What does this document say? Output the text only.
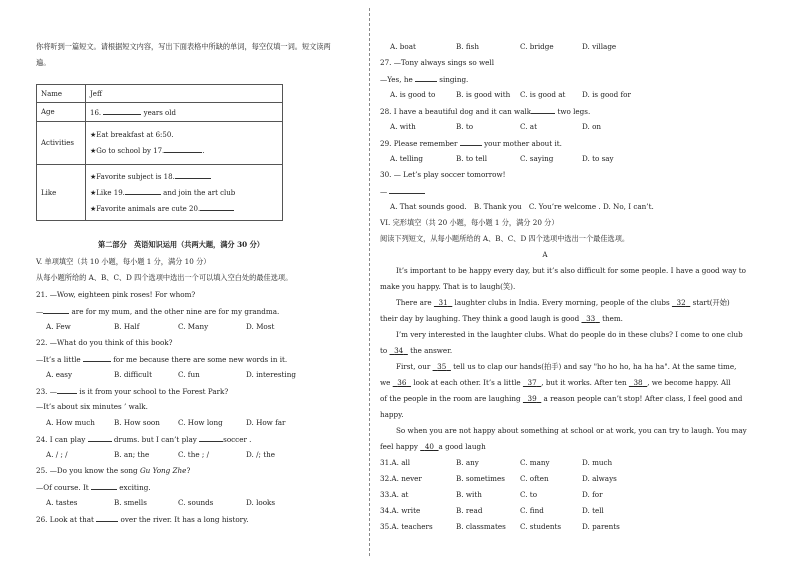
你将听到一篇短文。请根据短文内容，写出下面表格中所缺的单词，每空仅填一词。短文读两
遍。
Name	Jeff
Age	16. years old
Activities	★Eat breakfast at 6:50.
★Go to school by 17. .

Like	★Favorite subject is 18.
★Like 19. and join the art club
★Favorite animals are cute 20.
第二部分　英语知识运用（共两大题，满分 30 分）
V. 单项填空（共 10 小题，每小题 1 分，满分 10 分）
从每小题所给的 A、B、C、D 四个选项中选出一个可以填入空白处的最佳选项。
21. —Wow, eighteen pink roses! For whom?
—	are for my mum, and the other nine are for my grandma.
A. Few	B. Half	C. Many	D. Most
22. —What do you think of this book?
—It’s a little	for me because there are some new words in it.
A. easy	B. difficult	C. fun	D. interesting
23. —	is it from your school to the Forest Park?
—It’s about six minutes ’ walk.
A. How much	B. How soon	C. How long	D. How far
24. I can play	drums. but I can’t play	soccer .
A. / ; /	B. an; the	C. the ; /	D. /; the
25. —Do you know the song Gu Yong Zhe?
—Of course. It	exciting.
A. tastes	B. smells	C. sounds	D. looks
26. Look at that	over the river. It has a long history.
A. boat	B. fish	C. bridge	D. village
27. —Tony always sings so well
—Yes, he	singing.
A. is good to	B. is good with C. is good at D. is good for
28. I have a beautiful dog and it can walk	two legs.
A. with	B. to	C. at	D. on
29. Please remember	your mother about it.
A. telling	B. to tell	C. saying	D. to say
30. — Let’s play soccer tomorrow!
—
A. That sounds good.　B. Thank you　C. You’re welcome . D. No, I can’t.
VI. 完形填空（共 20 小题，每小题 1 分，满分 20 分）
阅读下列短文，从每小题所给的 A、B、C、D 四个选项中选出一个最佳选项。
A
It’s important to be happy every day, but it’s also difficult for some people. I have a good way to
make you happy. That is to laugh(笑).
There are 31 laughter clubs in India. Every morning, people of the clubs 32 start(开始)
their day by laughing. They think a good laugh is good 33 them.
I’m very interested in the laughter clubs. What do people do in these clubs? I come to one club
to 34 the answer.
First, our 35 tell us to clap our hands(拍手) and say "ho ho ho, ha ha ha". At the same time,
we 36 look at each other. It’s a little 37 , but it works. After ten 38 , we become happy. All
of the people in the room are laughing 39 a reason people can’t stop! After class, I feel good and
happy.
So when you are not happy about something at school or at work, you can try to laugh. You may
feel happy 40 a good laugh
31.A. all	B. any	C. many	D. much
32.A. never	B. sometimes C. often	D. always
33.A. at	B. with	C. to	D. for
34.A. write	B. read	C. find	D. tell
35.A. teachers	B. classmates C. students	D. parents
